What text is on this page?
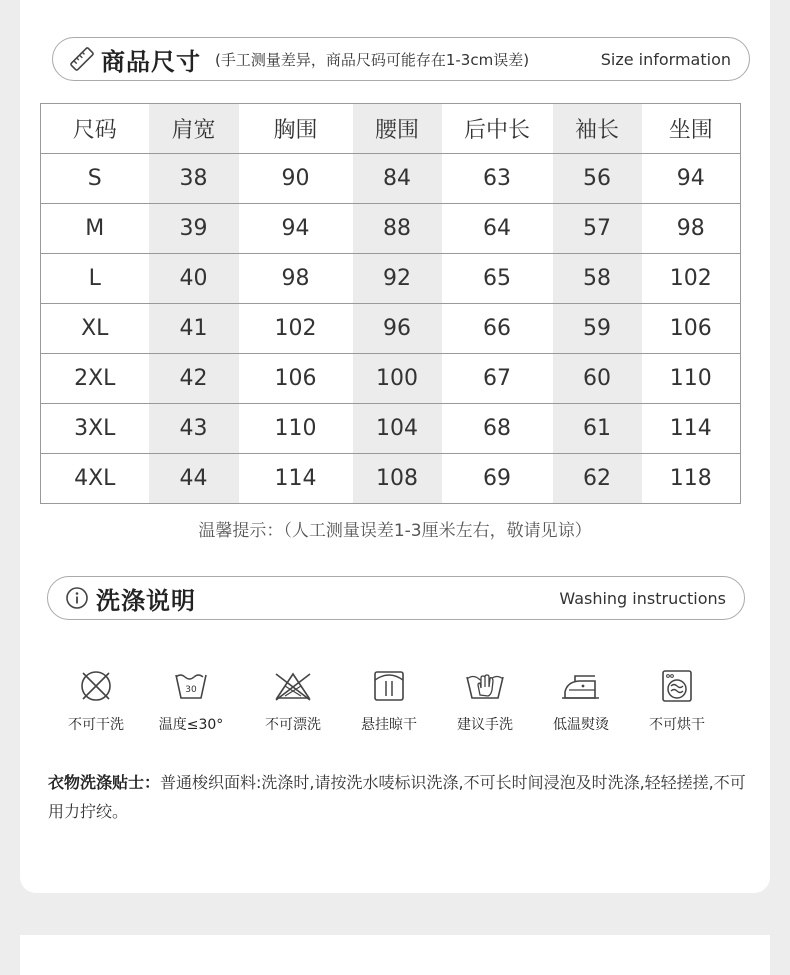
商品尺寸 (手工测量差异，商品尺码可能存在1-3cm误差)	Size information
尺码	肩宽	胸围	腰围	后中长	袖长	坐围
S	38	90	84	63	56	94
M	39	94	88	64	57	98
L	40	98	92	65	58	102
XL	41	102	96	66	59	106
2XL	42	106	100	67	60	110
3XL	43	110	104	68	61	114
4XL	44	114	108	69	62	118
温馨提示：（人工测量误差1-3厘米左右，敬请见谅）
洗涤说明	Washing instructions
不可干洗
30
温度≤30°	不可漂洗	悬挂晾干	建议手洗	低温熨烫	不可烘干
衣物洗涤贴士：普通梭织面料:洗涤时,请按洗水唛标识洗涤,不可长时间浸泡及时洗涤,轻轻搓搓,不可用力拧绞。
